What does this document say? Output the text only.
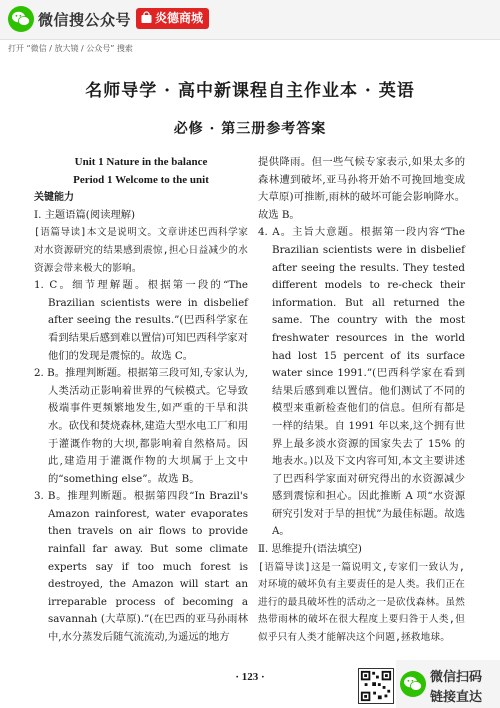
微信搜公众号	炎德商城
打开 “微信 / 放大镜 / 公众号” 搜索
名师导学 · 高中新课程自主作业本 · 英语
必修 · 第三册参考答案

Unit 1 Nature in the balance

Period 1 Welcome to the unit

关键能力

Ⅰ. 主题语篇(阅读理解)

[语篇导读]本文是说明文。文章讲述巴西科学家对水资源研究的结果感到震惊,担心日益减少的水资源会带来极大的影响。

1. C。细节理解题。根据第一段的“The Brazilian scientists were in disbelief after seeing the results.”(巴西科学家在看到结果后感到难以置信)可知巴西科学家对他们的发现是震惊的。故选 C。

2. B。推理判断题。根据第三段可知,专家认为,人类活动正影响着世界的气候模式。它导致极端事件更频繁地发生,如严重的干旱和洪水。砍伐和焚烧森林,建造大型水电工厂和用于灌溉作物的大坝,都影响着自然格局。因此,建造用于灌溉作物的大坝属于上文中的“something else”。故选 B。

3. B。推理判断题。根据第四段“In Brazil's Amazon rainforest, water evaporates then travels on air flows to provide rainfall far away. But some climate experts say if too much forest is destroyed, the Amazon will start an irreparable process of becoming a savannah (大草原).”(在巴西的亚马孙雨林中,水分蒸发后随气流流动,为遥远的地方

提供降雨。但一些气候专家表示,如果太多的森林遭到破坏,亚马孙将开始不可挽回地变成大草原)可推断,雨林的破坏可能会影响降水。故选 B。

4. A。主旨大意题。根据第一段内容“The Brazilian scientists were in disbelief after seeing the results. They tested different models to re-check their information. But all returned the same. The country with the most freshwater resources in the world had lost 15 percent of its surface water since 1991.”(巴西科学家在看到结果后感到难以置信。他们测试了不同的模型来重新检查他们的信息。但所有都是一样的结果。自 1991 年以来,这个拥有世界上最多淡水资源的国家失去了 15% 的地表水。)以及下文内容可知,本文主要讲述了巴西科学家面对研究得出的水资源减少感到震惊和担心。因此推断 A 项“水资源研究引发对于旱的担忧”为最佳标题。故选 A。

Ⅱ. 思维提升(语法填空)

[语篇导读]这是一篇说明文,专家们一致认为,对环境的破坏负有主要责任的是人类。我们正在进行的最具破坏性的活动之一是砍伐森林。虽然热带雨林的破坏在很大程度上要归咎于人类,但似乎只有人类才能解决这个问题,拯救地球。

· 123 ·	微信扫码
链接直达
